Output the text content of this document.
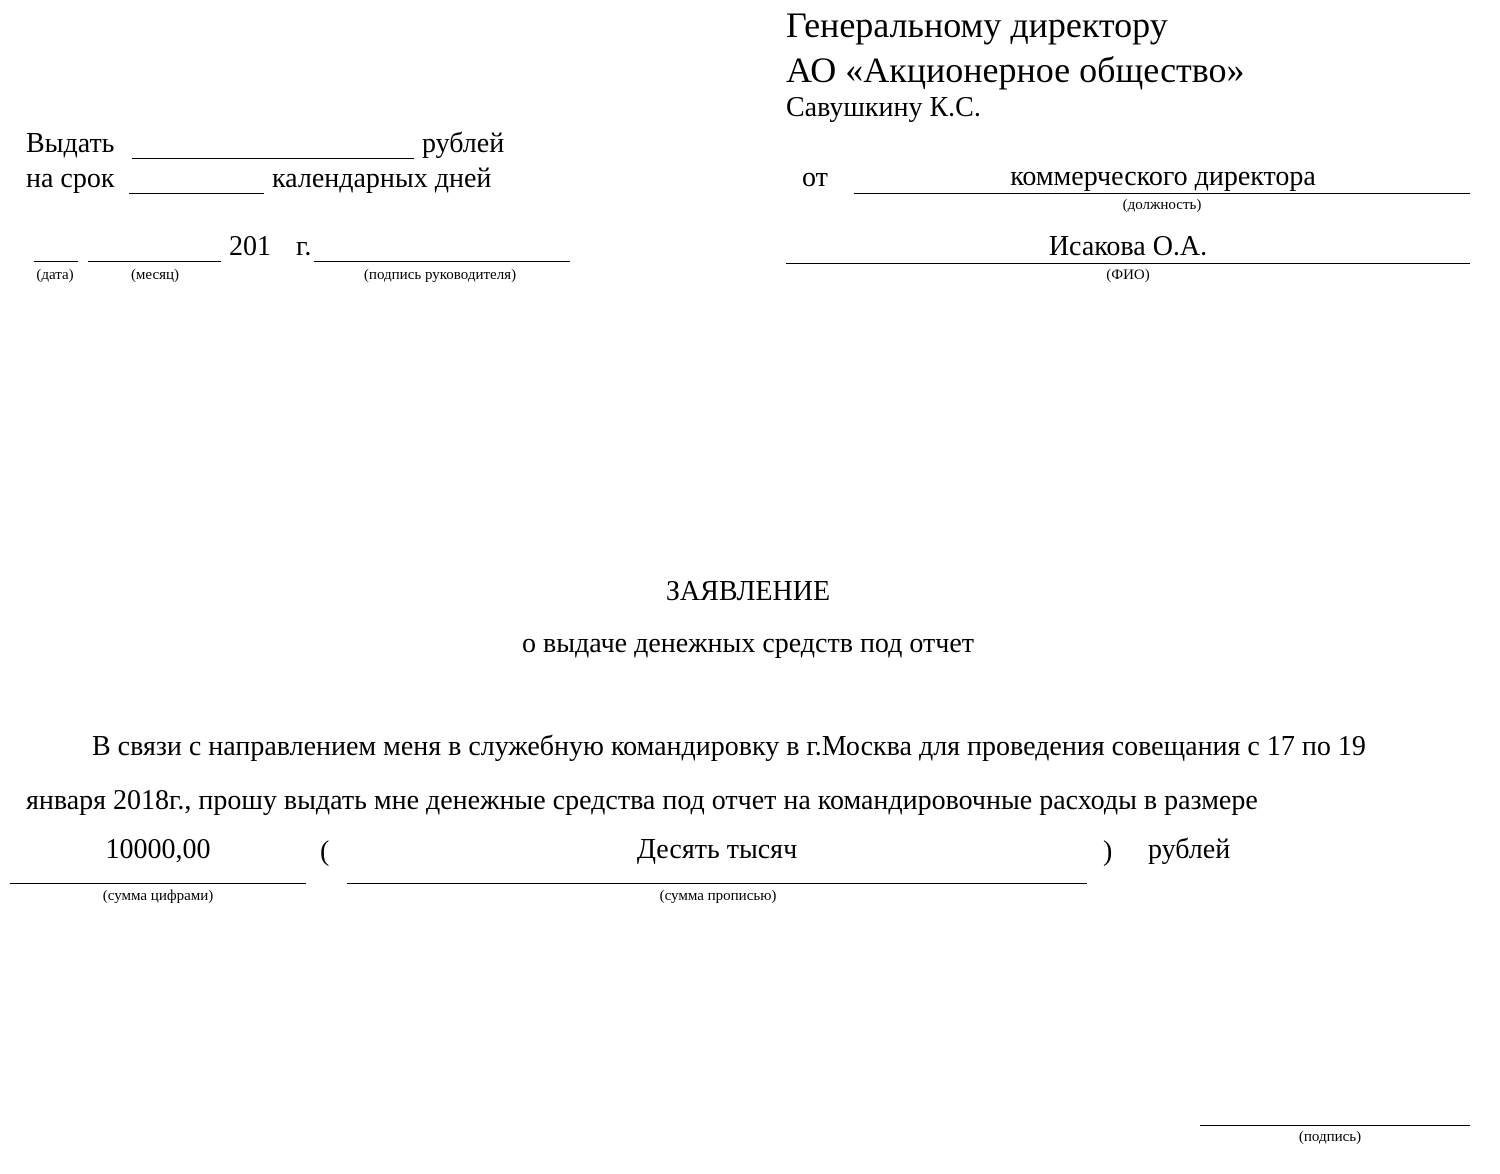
Генеральному директору
АО «Акционерное общество»
Савушкину К.С.
Выдать	рублей
на срок	календарных дней
201 г.
(дата)	(месяц)	(подпись руководителя)
от	коммерческого директора
(должность)
Исакова О.А.
(ФИО)
ЗАЯВЛЕНИЕ
о выдаче денежных средств под отчет
В связи с направлением меня в служебную командировку в г.Москва для проведения совещания с 17 по 19
января 2018г., прошу выдать мне денежные средства под отчет на командировочные расходы в размере
10000,00	(	Десять тысяч	) рублей
(сумма цифрами)	(сумма прописью)
(подпись)
